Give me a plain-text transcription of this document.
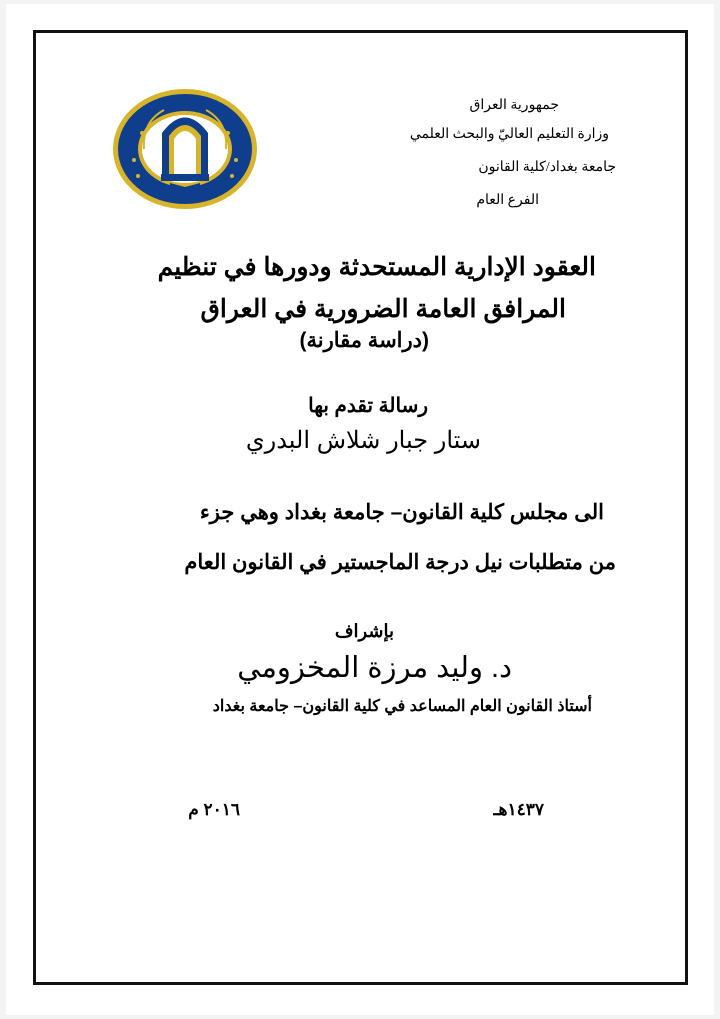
جمهورية العراق
وزارة التعليم العاليّ والبحث العلمي
جامعة بغداد/كلية القانون
الفرع العام
العقود الإدارية المستحدثة ودورها في تنظيم
المرافق العامة الضرورية في العراق
(دراسة مقارنة)
رسالة تقدم بها
ستار جبار شلاش البدري
الى مجلس كلية القانون– جامعة بغداد وهي جزء
من متطلبات نيل درجة الماجستير في القانون العام
بإشراف
د. وليد مرزة المخزومي
أستاذ القانون العام المساعد في كلية القانون– جامعة بغداد
١٤٣٧هـ
٢٠١٦ م
